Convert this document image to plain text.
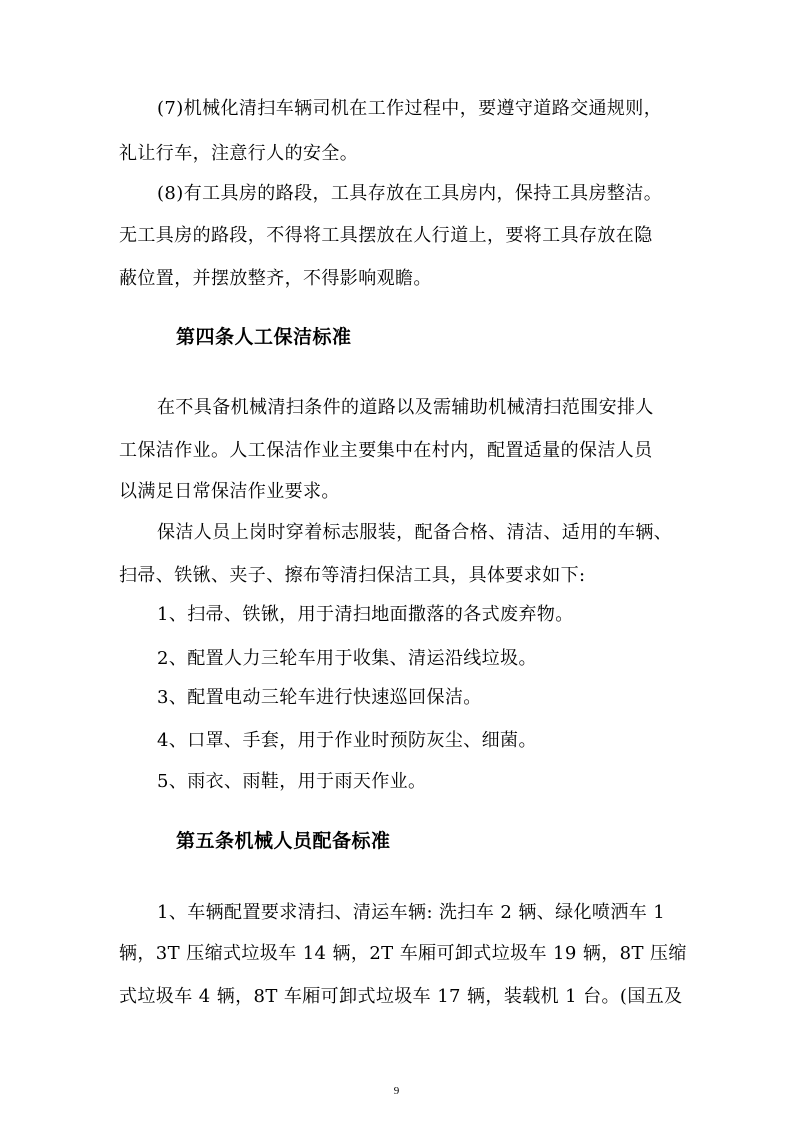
(7)机械化清扫车辆司机在工作过程中，要遵守道路交通规则，
礼让行车，注意行人的安全。
(8)有工具房的路段，工具存放在工具房内，保持工具房整洁。
无工具房的路段，不得将工具摆放在人行道上，要将工具存放在隐
蔽位置，并摆放整齐，不得影响观瞻。
第四条人工保洁标准
在不具备机械清扫条件的道路以及需辅助机械清扫范围安排人
工保洁作业。人工保洁作业主要集中在村内，配置适量的保洁人员
以满足日常保洁作业要求。
保洁人员上岗时穿着标志服装，配备合格、清洁、适用的车辆、
扫帚、铁锹、夹子、擦布等清扫保洁工具，具体要求如下:
1、扫帚、铁锹，用于清扫地面撒落的各式废弃物。
2、配置人力三轮车用于收集、清运沿线垃圾。
3、配置电动三轮车进行快速巡回保洁。
4、口罩、手套，用于作业时预防灰尘、细菌。
5、雨衣、雨鞋，用于雨天作业。
第五条机械人员配备标准
1、车辆配置要求清扫、清运车辆: 洗扫车 2 辆、绿化喷洒车 1
辆，3T 压缩式垃圾车 14 辆，2T 车厢可卸式垃圾车 19 辆，8T 压缩
式垃圾车 4 辆，8T 车厢可卸式垃圾车 17 辆，装载机 1 台。(国五及
9
